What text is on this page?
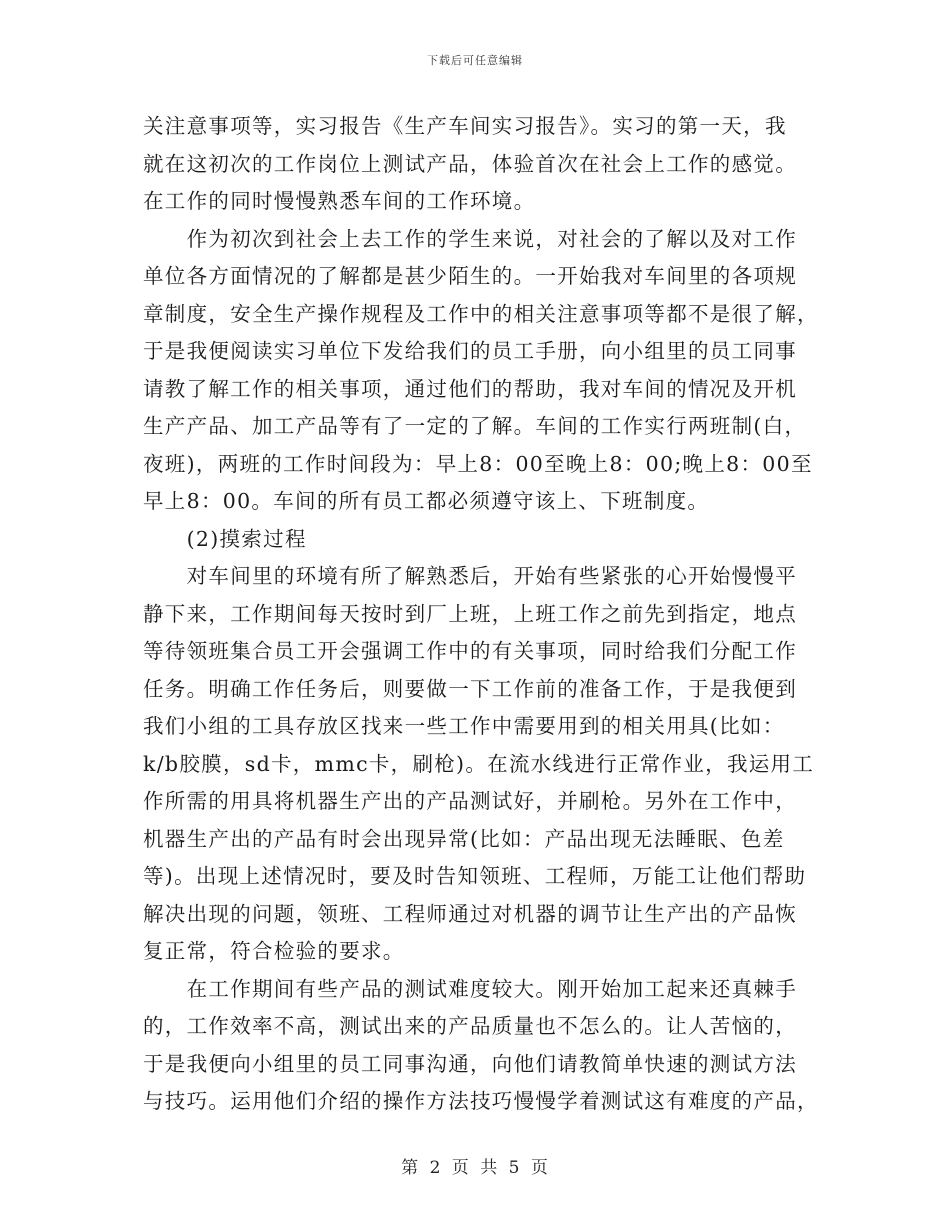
下载后可任意编辑
关注意事项等，实习报告《生产车间实习报告》。实习的第一天，我
就在这初次的工作岗位上测试产品，体验首次在社会上工作的感觉。
在工作的同时慢慢熟悉车间的工作环境。
　　作为初次到社会上去工作的学生来说，对社会的了解以及对工作
单位各方面情况的了解都是甚少陌生的。一开始我对车间里的各项规
章制度，安全生产操作规程及工作中的相关注意事项等都不是很了解，
于是我便阅读实习单位下发给我们的员工手册，向小组里的员工同事
请教了解工作的相关事项，通过他们的帮助，我对车间的情况及开机
生产产品、加工产品等有了一定的了解。车间的工作实行两班制(白，
夜班)，两班的工作时间段为：早上8：00至晚上8：00;晚上8：00至
早上8：00。车间的所有员工都必须遵守该上、下班制度。
　　(2)摸索过程
　　对车间里的环境有所了解熟悉后，开始有些紧张的心开始慢慢平
静下来，工作期间每天按时到厂上班，上班工作之前先到指定，地点
等待领班集合员工开会强调工作中的有关事项，同时给我们分配工作
任务。明确工作任务后，则要做一下工作前的准备工作，于是我便到
我们小组的工具存放区找来一些工作中需要用到的相关用具(比如：
k/b胶膜，sd卡，mmc卡，刷枪)。在流水线进行正常作业，我运用工
作所需的用具将机器生产出的产品测试好，并刷枪。另外在工作中，
机器生产出的产品有时会出现异常(比如：产品出现无法睡眠、色差
等)。出现上述情况时，要及时告知领班、工程师，万能工让他们帮助
解决出现的问题，领班、工程师通过对机器的调节让生产出的产品恢
复正常，符合检验的要求。
　　在工作期间有些产品的测试难度较大。刚开始加工起来还真棘手
的，工作效率不高，测试出来的产品质量也不怎么的。让人苦恼的，
于是我便向小组里的员工同事沟通，向他们请教简单快速的测试方法
与技巧。运用他们介绍的操作方法技巧慢慢学着测试这有难度的产品，
第 2 页 共 5 页
